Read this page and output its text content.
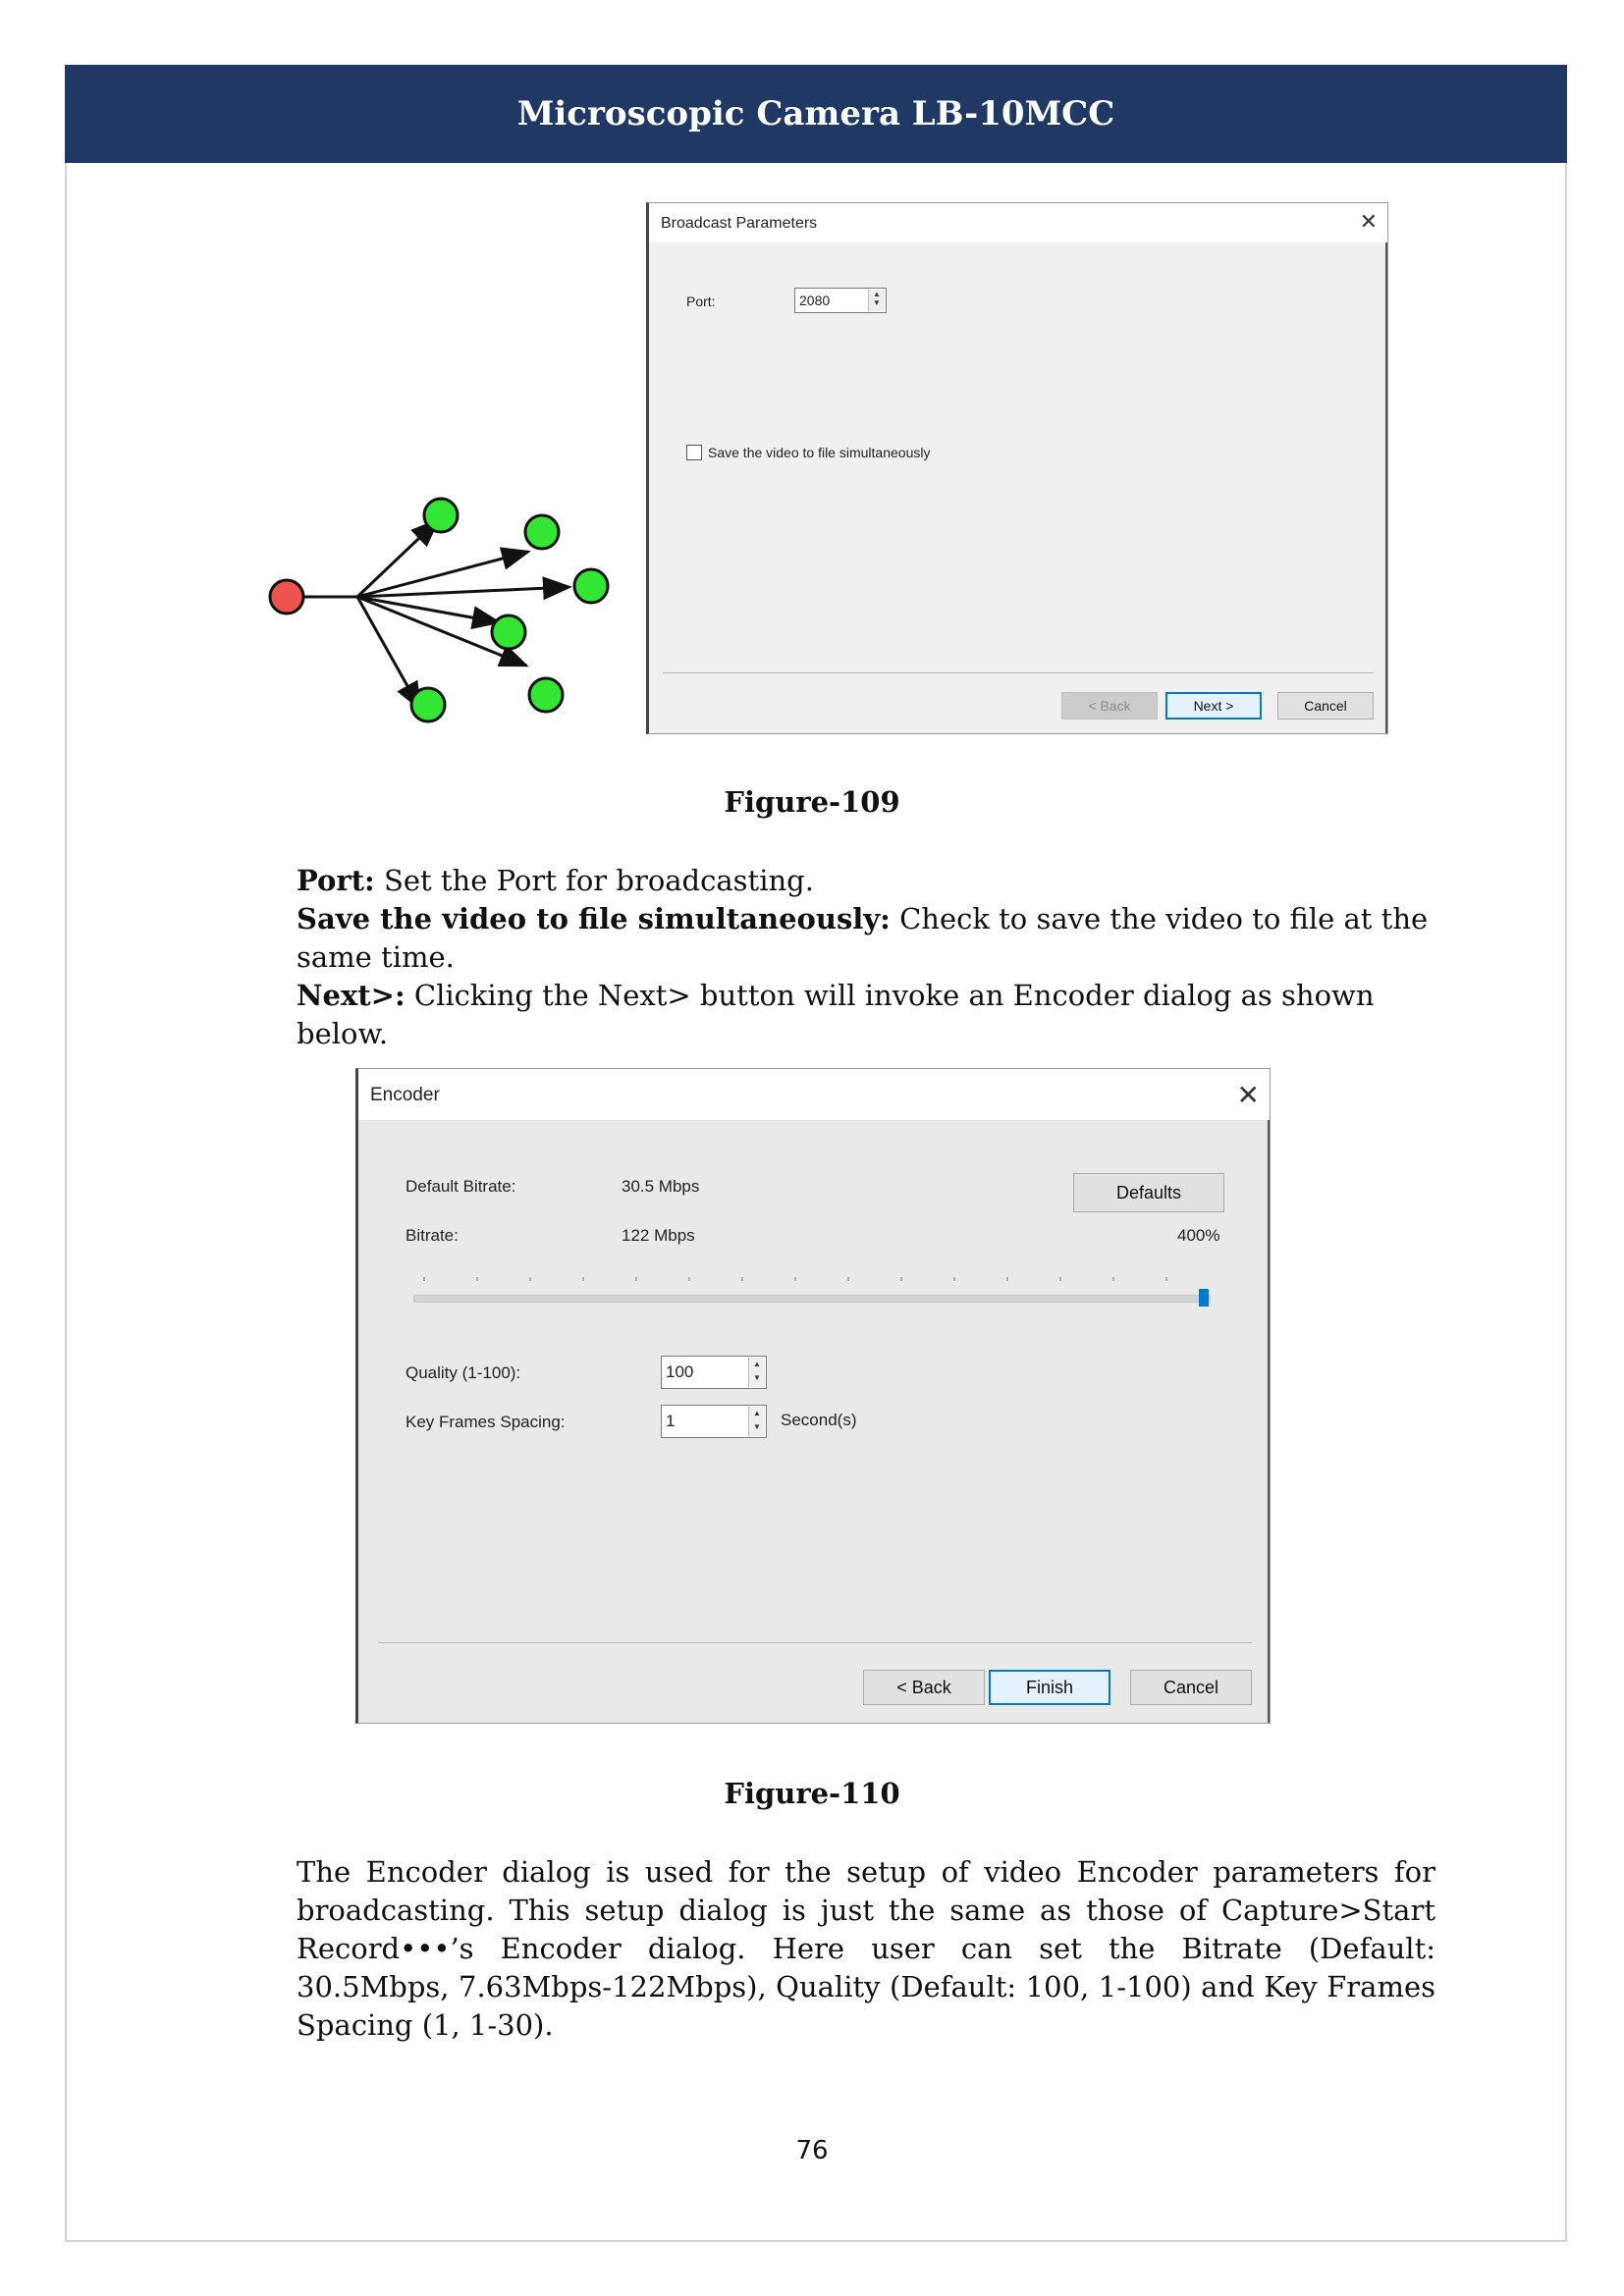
Microscopic Camera LB-10MCC
Broadcast Parameters	✕
Port:	2080	▲
▼
Save the video to file simultaneously
< Back	Next >	Cancel
Figure-109
Port: Set the Port for broadcasting.
Save the video to file simultaneously: Check to save the video to file at the same time.
Next>: Clicking the Next> button will invoke an Encoder dialog as shown below.
Encoder	✕
Default Bitrate:	30.5 Mbps	Defaults
Bitrate:	122 Mbps	400%
Quality (1-100):	100	▲
▼
Key Frames Spacing:	1	▲
▼ Second(s)
< Back	Finish	Cancel
Figure-110
The Encoder dialog is used for the setup of video Encoder parameters for broadcasting. This setup dialog is just the same as those of Capture>Start Record•••’s Encoder dialog. Here user can set the Bitrate (Default: 30.5Mbps, 7.63Mbps-122Mbps), Quality (Default: 100, 1-100) and Key Frames Spacing (1, 1-30).
76
